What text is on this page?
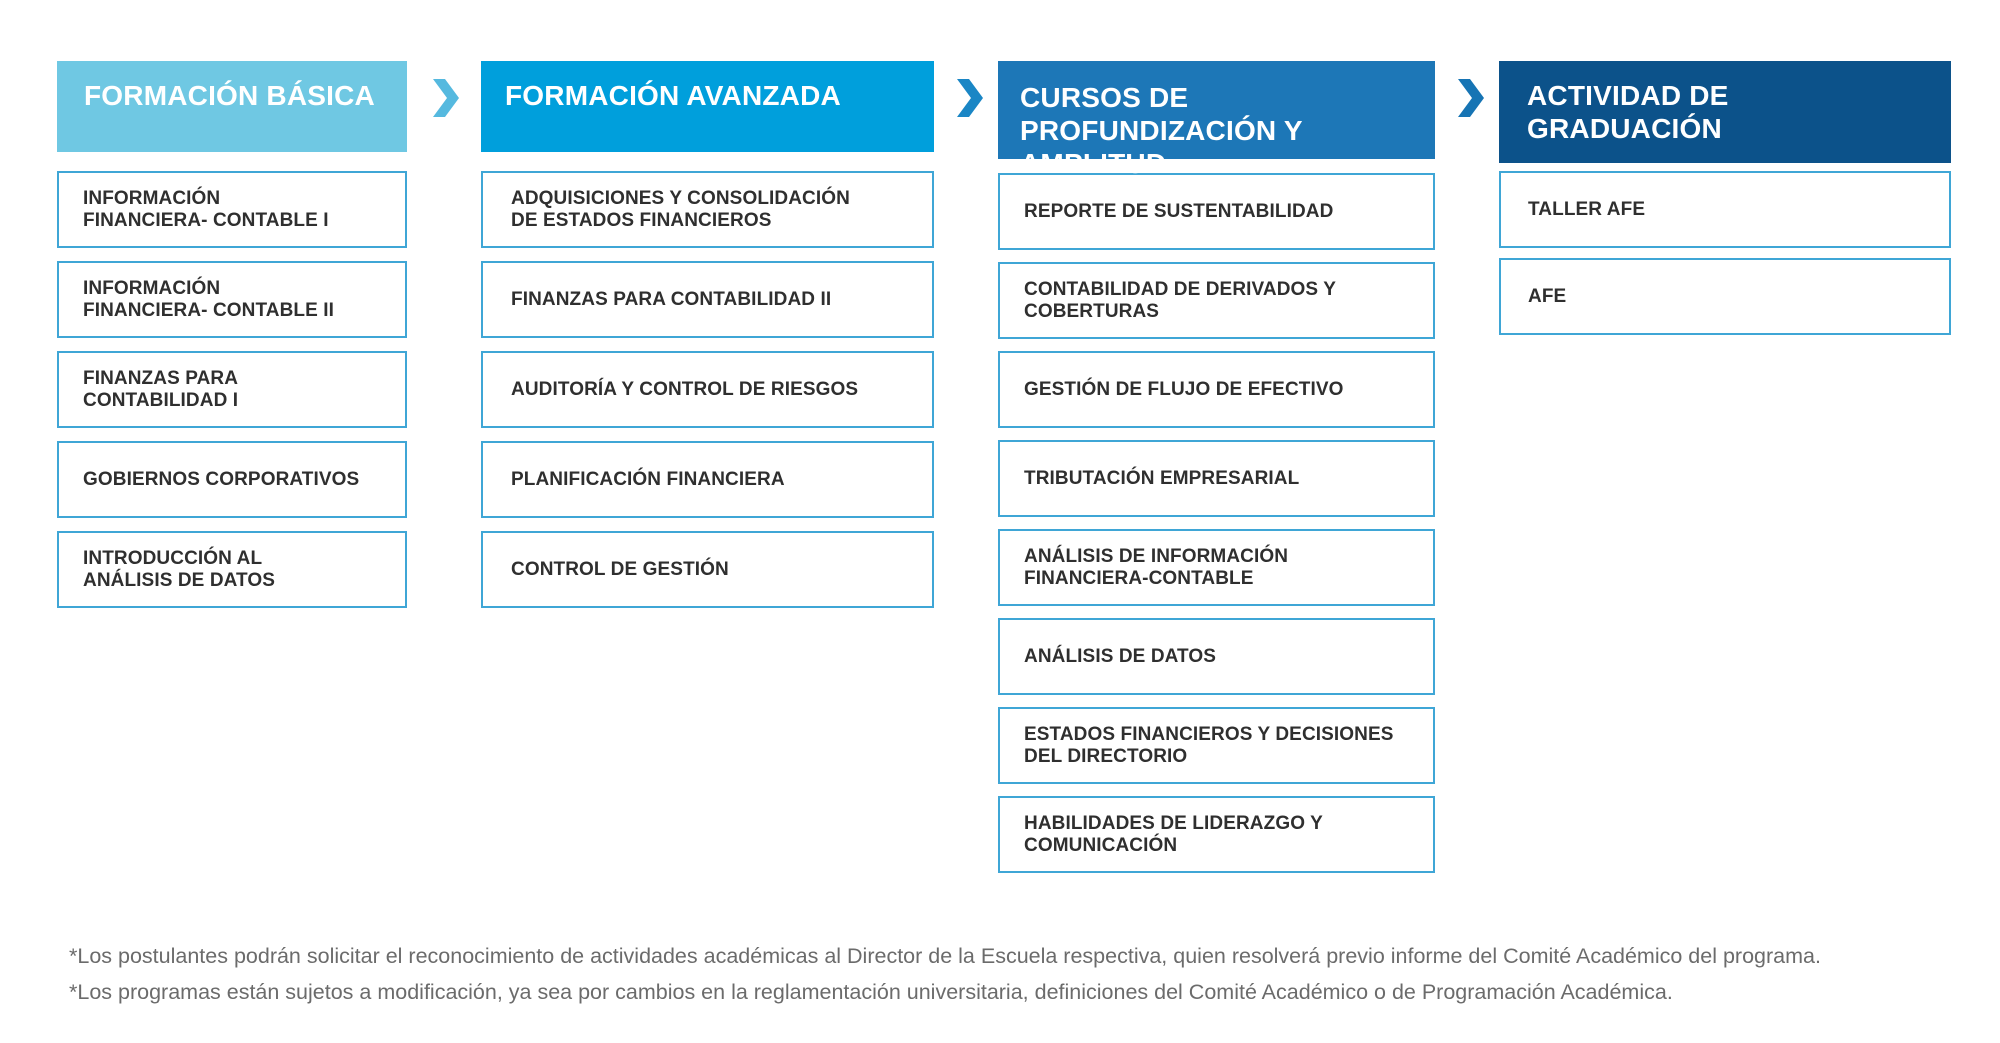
FORMACIÓN BÁSICA
INFORMACIÓN FINANCIERA- CONTABLE I
INFORMACIÓN FINANCIERA- CONTABLE II
FINANZAS PARA CONTABILIDAD I
GOBIERNOS CORPORATIVOS
INTRODUCCIÓN AL ANÁLISIS DE DATOS
FORMACIÓN AVANZADA
ADQUISICIONES Y CONSOLIDACIÓN DE ESTADOS FINANCIEROS
FINANZAS PARA CONTABILIDAD II
AUDITORÍA Y CONTROL DE RIESGOS
PLANIFICACIÓN FINANCIERA
CONTROL DE GESTIÓN
CURSOS DE PROFUNDIZACIÓN Y AMPLITUD
REPORTE DE SUSTENTABILIDAD
CONTABILIDAD DE DERIVADOS Y COBERTURAS
GESTIÓN DE FLUJO DE EFECTIVO
TRIBUTACIÓN EMPRESARIAL
ANÁLISIS DE INFORMACIÓN FINANCIERA-CONTABLE
ANÁLISIS DE DATOS
ESTADOS FINANCIEROS Y DECISIONES DEL DIRECTORIO
HABILIDADES DE LIDERAZGO Y COMUNICACIÓN
ACTIVIDAD DE GRADUACIÓN
TALLER AFE
AFE

*Los postulantes podrán solicitar el reconocimiento de actividades académicas al Director de la Escuela respectiva, quien resolverá previo informe del Comité Académico del programa.

*Los programas están sujetos a modificación, ya sea por cambios en la reglamentación universitaria, definiciones del Comité Académico o de Programación Académica.
